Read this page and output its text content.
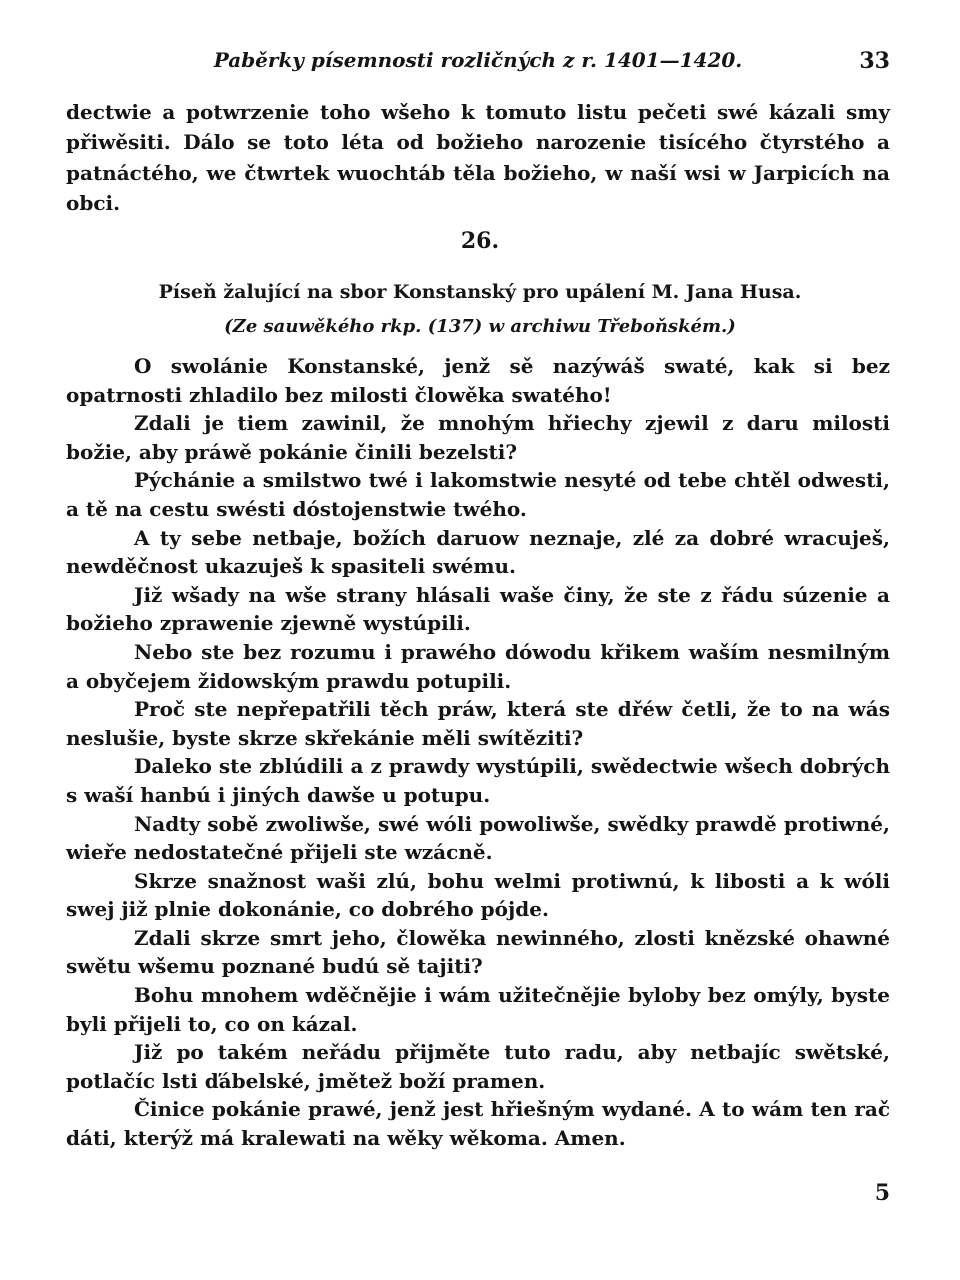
Paběrky písemnosti rozličných z r. 1401—1420.	33

dectwie a potwrzenie toho wšeho k tomuto listu pečeti swé kázali smy přiwěsiti. Dálo se toto léta od božieho narozenie tisícého čtyrstého a patnáctého, we čtwrtek wuochtáb těla božieho, w naší wsi w Jarpicích na obci.

26.
Píseň žalující na sbor Konstanský pro upálení M. Jana Husa.
(Ze sauwěkého rkp. (137) w archiwu Třeboňském.)

O swolánie Konstanské, jenž sě nazýwáš swaté, kak si bez opatrnosti zhladilo bez milosti člowěka swatého!

Zdali je tiem zawinil, že mnohým hřiechy zjewil z daru milosti božie, aby práwě pokánie činili bezelsti?

Pýchánie a smilstwo twé i lakomstwie nesyté od tebe chtěl odwesti, a tě na cestu swésti dóstojenstwie twého.

A ty sebe netbaje, božích daruow neznaje, zlé za dobré wracuješ, newděčnost ukazuješ k spasiteli swému.

Již wšady na wše strany hlásali waše činy, že ste z řádu súzenie a božieho zprawenie zjewně wystúpili.

Nebo ste bez rozumu i prawého dówodu křikem waším nesmilným a obyčejem židowským prawdu potupili.

Proč ste nepřepatřili těch práw, která ste dřéw četli, že to na wás neslušie, byste skrze skřekánie měli swítěziti?

Daleko ste zblúdili a z prawdy wystúpili, swědectwie wšech dobrých s waší hanbú i jiných dawše u potupu.

Nadty sobě zwoliwše, swé wóli powoliwše, swědky prawdě protiwné, wieře nedostatečné přijeli ste wzácně.

Skrze snažnost waši zlú, bohu welmi protiwnú, k libosti a k wóli swej již plnie dokonánie, co dobrého pójde.

Zdali skrze smrt jeho, člowěka newinného, zlosti knězské ohawné swětu wšemu poznané budú sě tajiti?

Bohu mnohem wděčnějie i wám užitečnějie byloby bez omýly, byste byli přijeli to, co on kázal.

Již po takém neřádu přijměte tuto radu, aby netbajíc swětské, potlačíc lsti ďábelské, jmětež boží pramen.

Činice pokánie prawé, jenž jest hřiešným wydané. A to wám ten rač dáti, kterýž má kralewati na wěky wěkoma. Amen.

5
